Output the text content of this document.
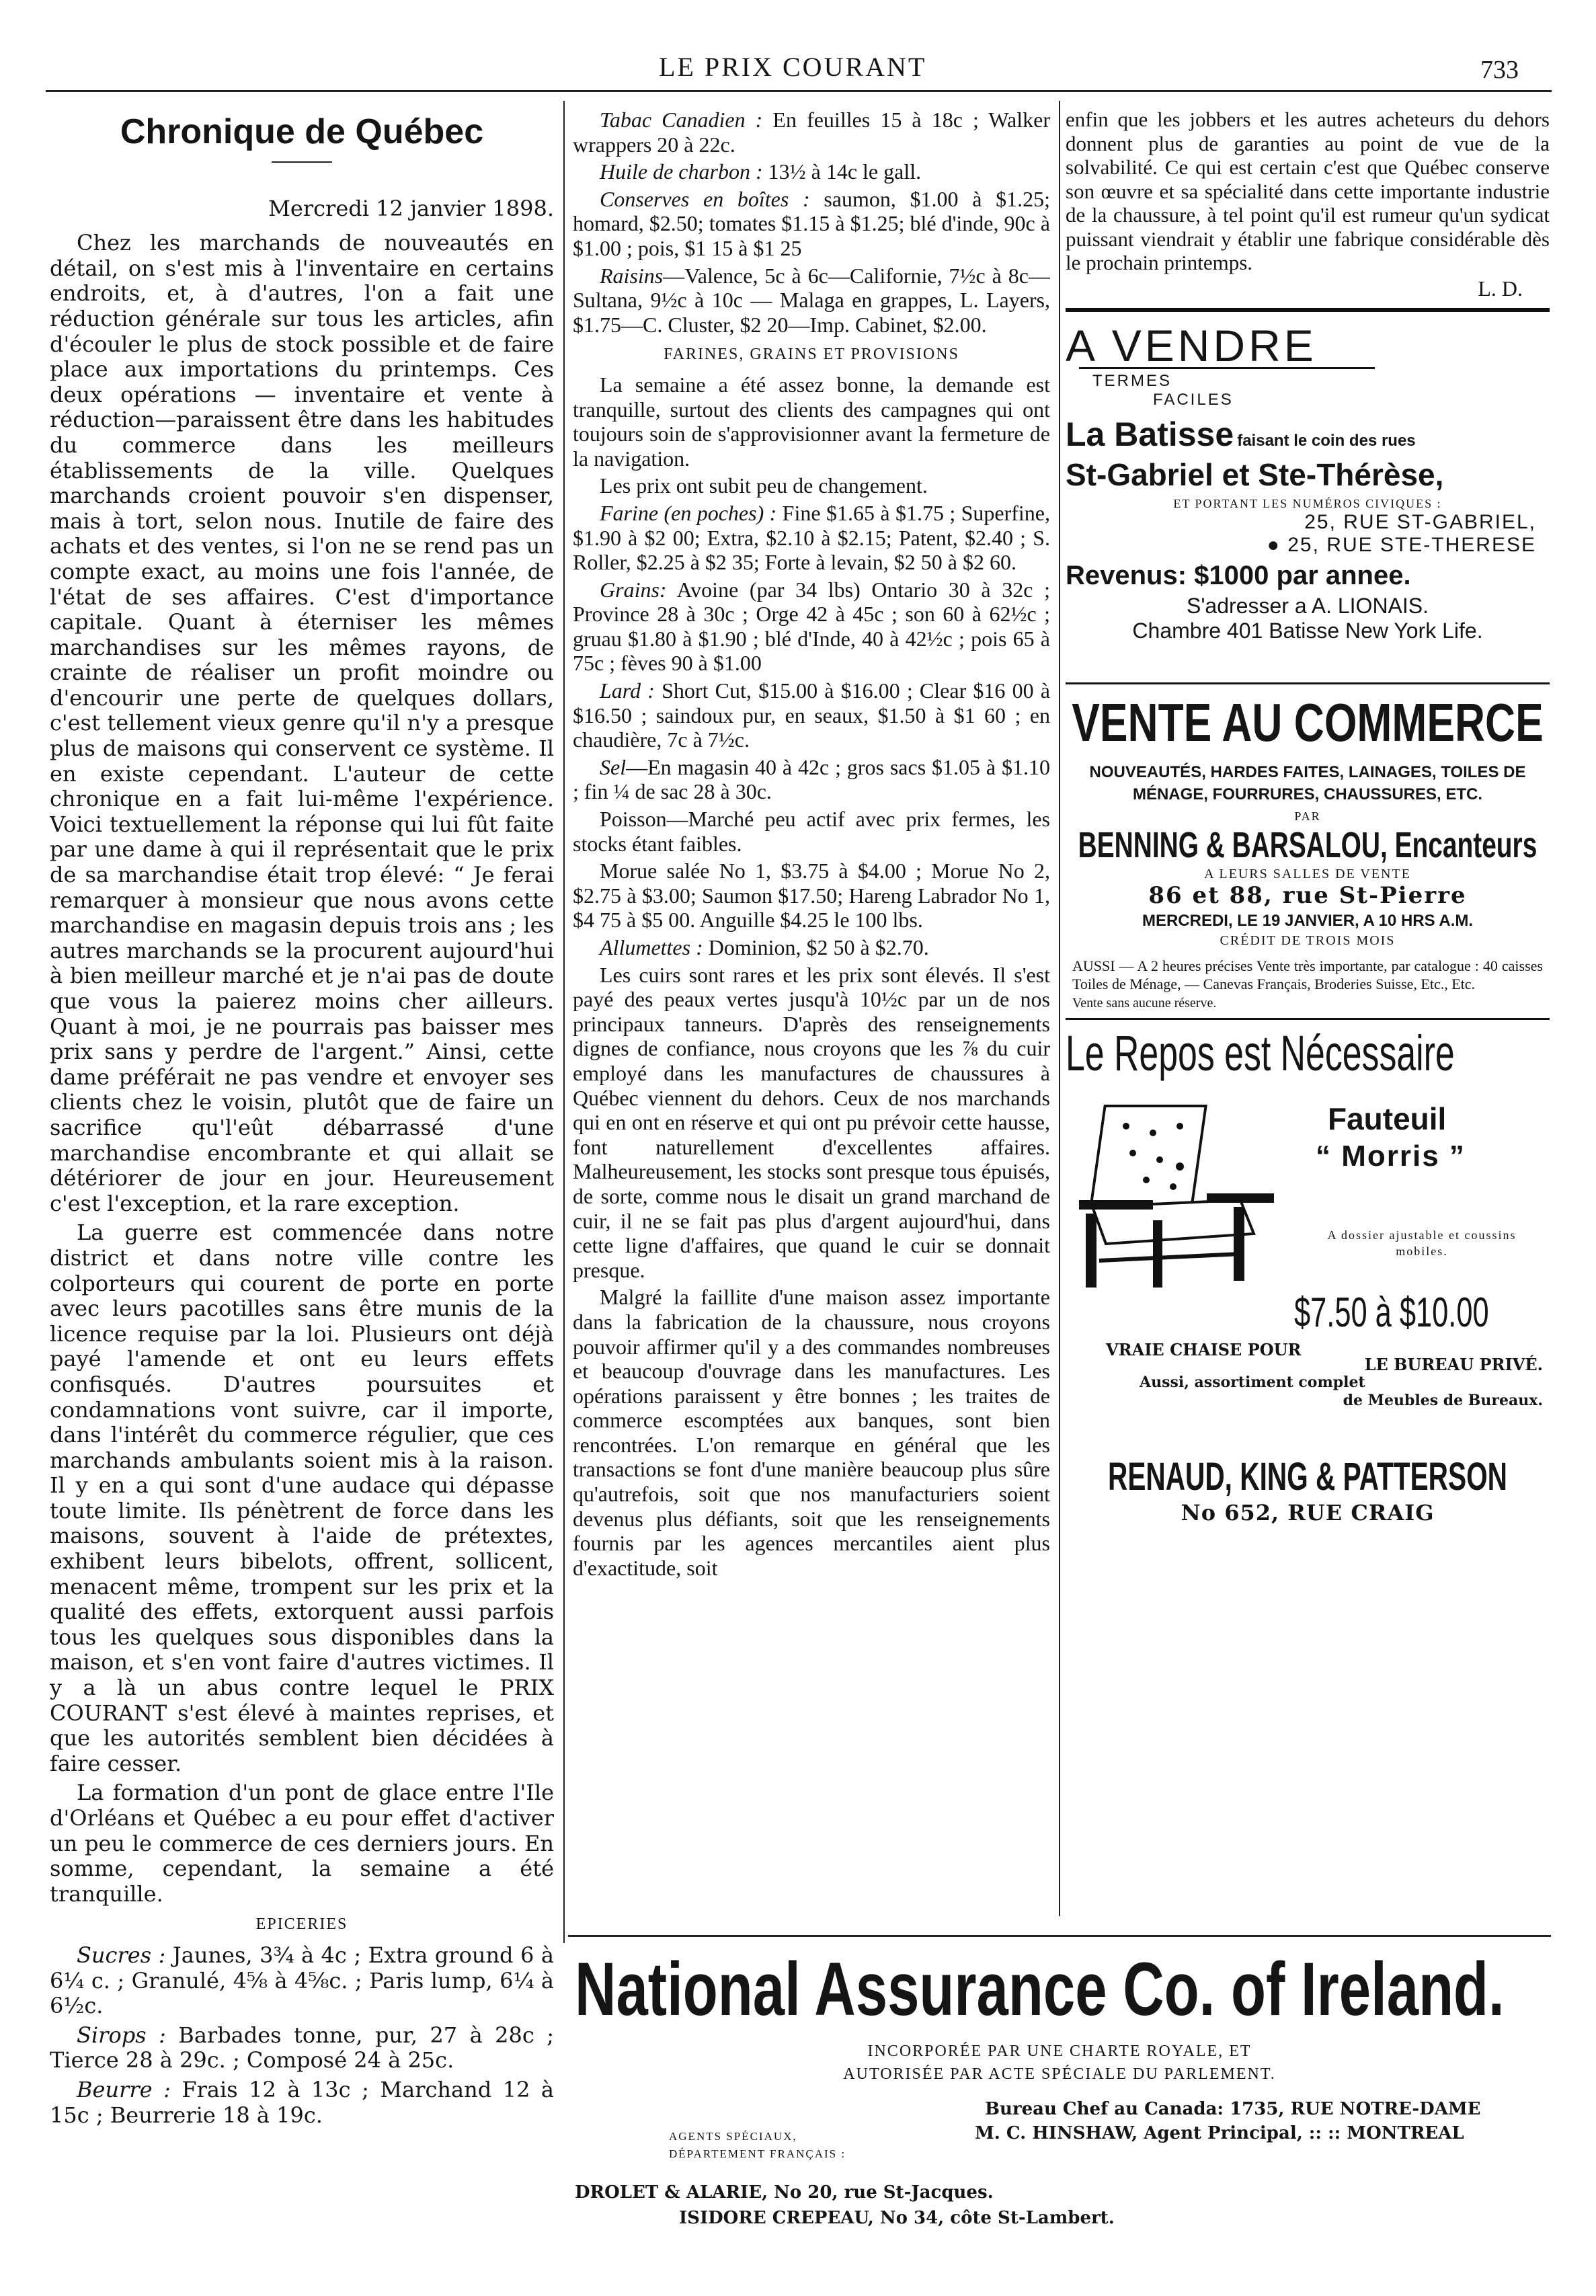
LE PRIX COURANT	733
Chronique de Québec
Mercredi 12 janvier 1898.

Chez les marchands de nouveautés en détail, on s'est mis à l'inventaire en certains endroits, et, à d'autres, l'on a fait une réduction générale sur tous les articles, afin d'écouler le plus de stock possible et de faire place aux importations du printemps. Ces deux opérations — inventaire et vente à réduction—paraissent être dans les habitudes du commerce dans les meilleurs établissements de la ville. Quelques marchands croient pouvoir s'en dispenser, mais à tort, selon nous. Inutile de faire des achats et des ventes, si l'on ne se rend pas un compte exact, au moins une fois l'année, de l'état de ses affaires. C'est d'importance capitale. Quant à éterniser les mêmes marchandises sur les mêmes rayons, de crainte de réaliser un profit moindre ou d'encourir une perte de quelques dollars, c'est tellement vieux genre qu'il n'y a presque plus de maisons qui conservent ce système. Il en existe cependant. L'auteur de cette chronique en a fait lui-même l'expérience. Voici textuellement la réponse qui lui fût faite par une dame à qui il représentait que le prix de sa marchandise était trop élevé: “ Je ferai remarquer à monsieur que nous avons cette marchandise en magasin depuis trois ans ; les autres marchands se la procurent aujourd'hui à bien meilleur marché et je n'ai pas de doute que vous la paierez moins cher ailleurs. Quant à moi, je ne pourrais pas baisser mes prix sans y perdre de l'argent.” Ainsi, cette dame préférait ne pas vendre et envoyer ses clients chez le voisin, plutôt que de faire un sacrifice qu'l'eût débarrassé d'une marchandise encombrante et qui allait se détériorer de jour en jour. Heureusement c'est l'exception, et la rare exception.

La guerre est commencée dans notre district et dans notre ville contre les colporteurs qui courent de porte en porte avec leurs pacotilles sans être munis de la licence requise par la loi. Plusieurs ont déjà payé l'amende et ont eu leurs effets confisqués. D'autres poursuites et condamnations vont suivre, car il importe, dans l'intérêt du commerce régulier, que ces marchands ambulants soient mis à la raison. Il y en a qui sont d'une audace qui dépasse toute limite. Ils pénètrent de force dans les maisons, souvent à l'aide de prétextes, exhibent leurs bibelots, offrent, sollicent, menacent même, trompent sur les prix et la qualité des effets, extorquent aussi parfois tous les quelques sous disponibles dans la maison, et s'en vont faire d'autres victimes. Il y a là un abus contre lequel le PRIX COURANT s'est élevé à maintes reprises, et que les autorités semblent bien décidées à faire cesser.

La formation d'un pont de glace entre l'Ile d'Orléans et Québec a eu pour effet d'activer un peu le commerce de ces derniers jours. En somme, cependant, la semaine a été tranquille.

EPICERIES

Sucres : Jaunes, 3¾ à 4c ; Extra ground 6 à 6¼ c. ; Granulé, 4⅝ à 4⅝c. ; Paris lump, 6¼ à 6½c.

Sirops : Barbades tonne, pur, 27 à 28c ; Tierce 28 à 29c. ; Composé 24 à 25c.

Beurre : Frais 12 à 13c ; Marchand 12 à 15c ; Beurrerie 18 à 19c.

Tabac Canadien : En feuilles 15 à 18c ; Walker wrappers 20 à 22c.

Huile de charbon : 13½ à 14c le gall.

Conserves en boîtes : saumon, $1.00 à $1.25; homard, $2.50; tomates $1.15 à $1.25; blé d'inde, 90c à $1.00 ; pois, $1 15 à $1 25

Raisins—Valence, 5c à 6c—Californie, 7½c à 8c—Sultana, 9½c à 10c — Malaga en grappes, L. Layers, $1.75—C. Cluster, $2 20—Imp. Cabinet, $2.00.

FARINES, GRAINS ET PROVISIONS

La semaine a été assez bonne, la demande est tranquille, surtout des clients des campagnes qui ont toujours soin de s'approvisionner avant la fermeture de la navigation.

Les prix ont subit peu de changement.

Farine (en poches) : Fine $1.65 à $1.75 ; Superfine, $1.90 à $2 00; Extra, $2.10 à $2.15; Patent, $2.40 ; S. Roller, $2.25 à $2 35; Forte à levain, $2 50 à $2 60.

Grains: Avoine (par 34 lbs) Ontario 30 à 32c ; Province 28 à 30c ; Orge 42 à 45c ; son 60 à 62½c ; gruau $1.80 à $1.90 ; blé d'Inde, 40 à 42½c ; pois 65 à 75c ; fèves 90 à $1.00

Lard : Short Cut, $15.00 à $16.00 ; Clear $16 00 à $16.50 ; saindoux pur, en seaux, $1.50 à $1 60 ; en chaudière, 7c à 7½c.

Sel—En magasin 40 à 42c ; gros sacs $1.05 à $1.10 ; fin ¼ de sac 28 à 30c.

Poisson—Marché peu actif avec prix fermes, les stocks étant faibles.

Morue salée No 1, $3.75 à $4.00 ; Morue No 2, $2.75 à $3.00; Saumon $17.50; Hareng Labrador No 1, $4 75 à $5 00. Anguille $4.25 le 100 lbs.

Allumettes : Dominion, $2 50 à $2.70.

Les cuirs sont rares et les prix sont élevés. Il s'est payé des peaux vertes jusqu'à 10½c par un de nos principaux tanneurs. D'après des renseignements dignes de confiance, nous croyons que les ⅞ du cuir employé dans les manufactures de chaussures à Québec viennent du dehors. Ceux de nos marchands qui en ont en réserve et qui ont pu prévoir cette hausse, font naturellement d'excellentes affaires. Malheureusement, les stocks sont presque tous épuisés, de sorte, comme nous le disait un grand marchand de cuir, il ne se fait pas plus d'argent aujourd'hui, dans cette ligne d'affaires, que quand le cuir se donnait presque.

Malgré la faillite d'une maison assez importante dans la fabrication de la chaussure, nous croyons pouvoir affirmer qu'il y a des commandes nombreuses et beaucoup d'ouvrage dans les manufactures. Les opérations paraissent y être bonnes ; les traites de commerce escomptées aux banques, sont bien rencontrées. L'on remarque en général que les transactions se font d'une manière beaucoup plus sûre qu'autrefois, soit que nos manufacturiers soient devenus plus défiants, soit que les renseignements fournis par les agences mercantiles aient plus d'exactitude, soit

enfin que les jobbers et les autres acheteurs du dehors donnent plus de garanties au point de vue de la solvabilité. Ce qui est certain c'est que Québec conserve son œuvre et sa spécialité dans cette importante industrie de la chaussure, à tel point qu'il est rumeur qu'un sydicat puissant viendrait y établir une fabrique considérable dès le prochain printemps.
L. D.
A VENDRE
TERMES
FACILES
La Batisse faisant le coin des rues
St-Gabriel et Ste-Thérèse,
ET PORTANT LES NUMÉROS CIVIQUES :
25, RUE ST-GABRIEL,
● 25, RUE STE-THERESE
Revenus: $1000 par annee.
S'adresser a A. LIONAIS.
Chambre 401 Batisse New York Life.
VENTE AU COMMERCE
NOUVEAUTÉS, HARDES FAITES, LAINAGES, TOILES DE MÉNAGE, FOURRURES, CHAUSSURES, ETC.
PAR
BENNING & BARSALOU, Encanteurs
A LEURS SALLES DE VENTE
86 et 88, rue St-Pierre
MERCREDI, LE 19 JANVIER, A 10 HRS A.M.
CRÉDIT DE TROIS MOIS
AUSSI — A 2 heures précises Vente très importante, par catalogue : 40 caisses Toiles de Ménage, — Canevas Français, Broderies Suisse, Etc., Etc.
Vente sans aucune réserve.
Le Repos est Nécessaire
Fauteuil
“ Morris ”
A dossier ajustable et coussins mobiles.
$7.50 à $10.00
VRAIE CHAISE POUR
LE BUREAU PRIVÉ.
Aussi, assortiment complet
de Meubles de Bureaux.
RENAUD, KING & PATTERSON
No 652, RUE CRAIG
National Assurance Co. of Ireland.
INCORPORÉE PAR UNE CHARTE ROYALE, ET
AUTORISÉE PAR ACTE SPÉCIALE DU PARLEMENT.
Bureau Chef au Canada: 1735, RUE NOTRE-DAME
AGENTS SPÉCIAUX,
DÉPARTEMENT FRANÇAIS :
M. C. HINSHAW, Agent Principal, :: :: MONTREAL
DROLET & ALARIE, No 20, rue St-Jacques.
ISIDORE CREPEAU, No 34, côte St-Lambert.
